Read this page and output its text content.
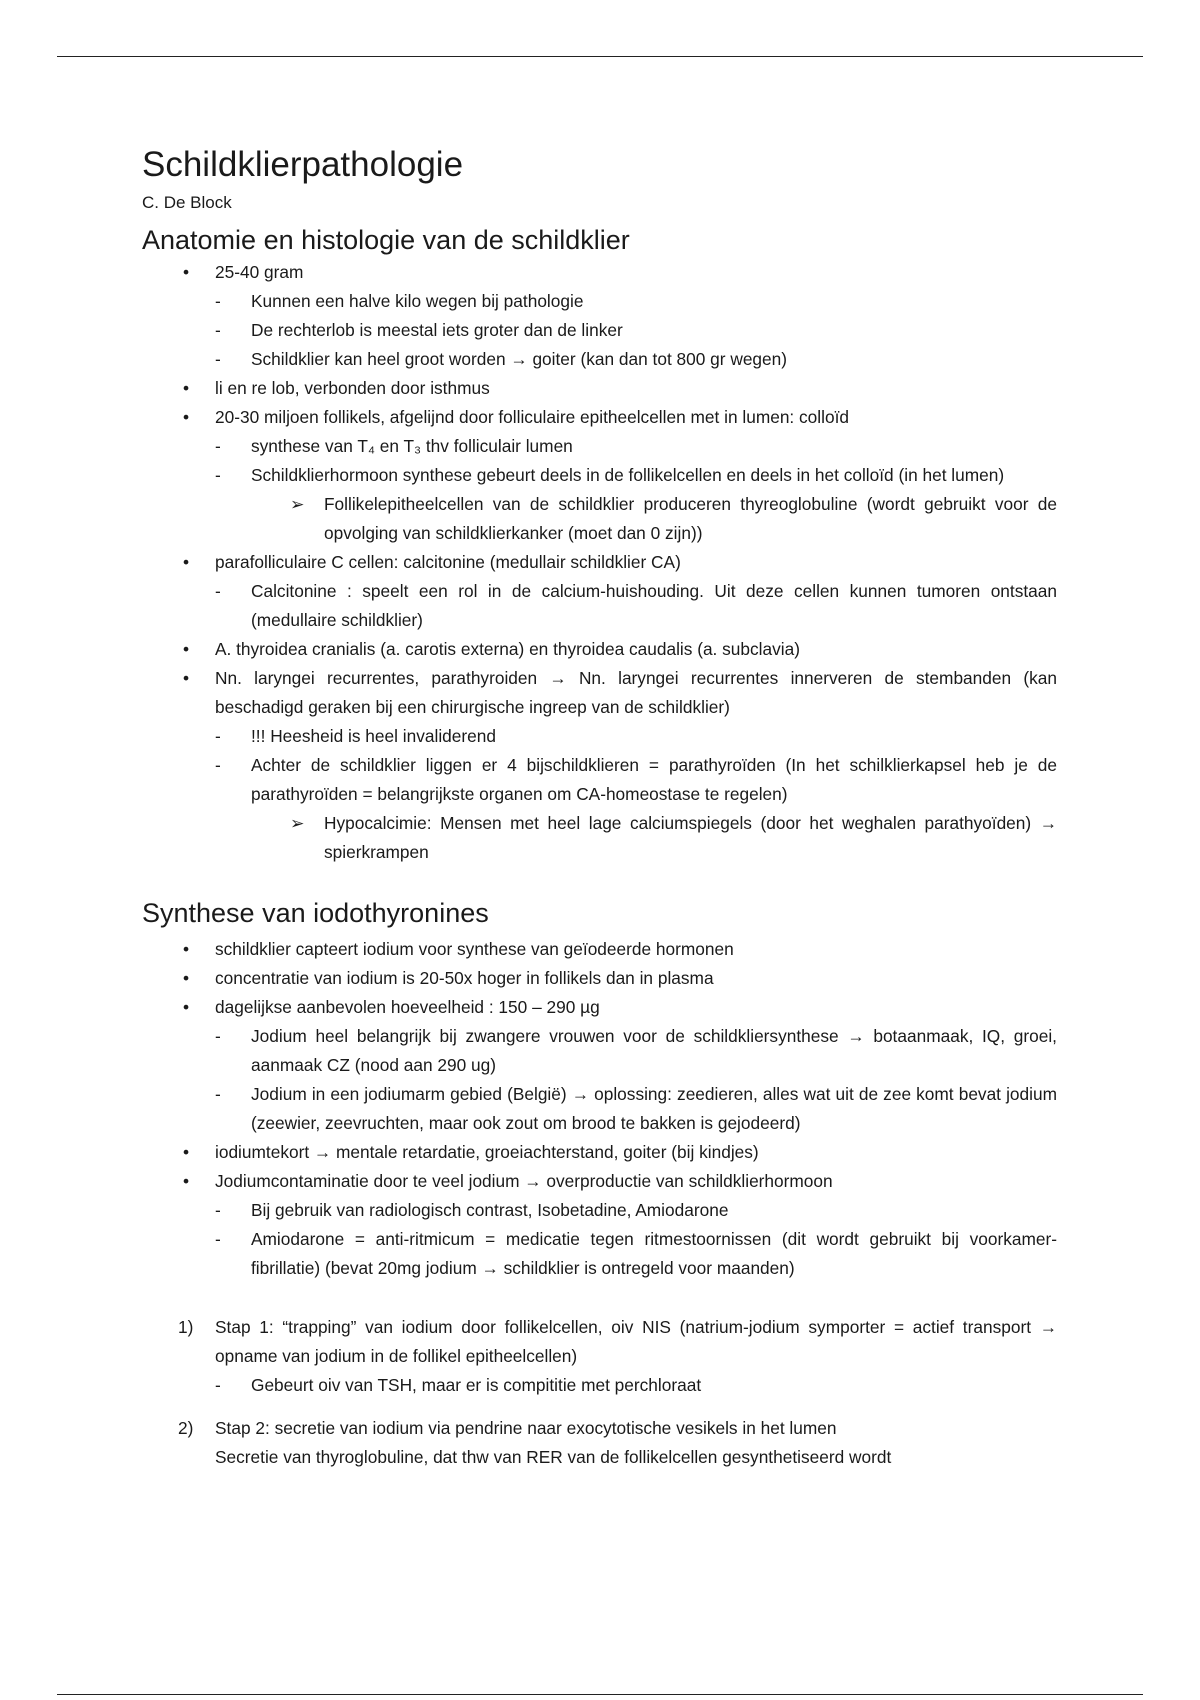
Schildklierpathologie
C. De Block
Anatomie en histologie van de schildklier
• 25-40 gram
- Kunnen een halve kilo wegen bij pathologie
- De rechterlob is meestal iets groter dan de linker
- Schildklier kan heel groot worden → goiter (kan dan tot 800 gr wegen)
• li en re lob, verbonden door isthmus
• 20-30 miljoen follikels, afgelijnd door folliculaire epitheelcellen met in lumen: colloïd
- synthese van T₄ en T₃ thv folliculair lumen
- Schildklierhormoon synthese gebeurt deels in de follikelcellen en deels in het colloïd (in het lumen)
➢ Follikelepitheelcellen van de schildklier produceren thyreoglobuline (wordt gebruikt voor de opvolging van schildklierkanker (moet dan 0 zijn))
• parafolliculaire C cellen: calcitonine (medullair schildklier CA)
- Calcitonine : speelt een rol in de calcium-huishouding. Uit deze cellen kunnen tumoren ontstaan (medullaire schildklier)
• A. thyroidea cranialis (a. carotis externa) en thyroidea caudalis (a. subclavia)
• Nn. laryngei recurrentes, parathyroiden → Nn. laryngei recurrentes innerveren de stembanden (kan beschadigd geraken bij een chirurgische ingreep van de schildklier)
- !!! Heesheid is heel invaliderend
- Achter de schildklier liggen er 4 bijschildklieren = parathyroïden (In het schilklierkapsel heb je de parathyroïden = belangrijkste organen om CA-homeostase te regelen)
➢ Hypocalcimie: Mensen met heel lage calciumspiegels (door het weghalen parathyoïden) → spierkrampen
Synthese van iodothyronines
• schildklier capteert iodium voor synthese van geïodeerde hormonen
• concentratie van iodium is 20-50x hoger in follikels dan in plasma
• dagelijkse aanbevolen hoeveelheid : 150 – 290 µg
- Jodium heel belangrijk bij zwangere vrouwen voor de schildkliersynthese → botaanmaak, IQ, groei, aanmaak CZ (nood aan 290 ug)
- Jodium in een jodiumarm gebied (België) → oplossing: zeedieren, alles wat uit de zee komt bevat jodium (zeewier, zeevruchten, maar ook zout om brood te bakken is gejodeerd)
• iodiumtekort → mentale retardatie, groeiachterstand, goiter (bij kindjes)
• Jodiumcontaminatie door te veel jodium → overproductie van schildklierhormoon
- Bij gebruik van radiologisch contrast, Isobetadine, Amiodarone
- Amiodarone = anti-ritmicum = medicatie tegen ritmestoornissen (dit wordt gebruikt bij voorkamer-fibrillatie) (bevat 20mg jodium → schildklier is ontregeld voor maanden)
1) Stap 1: “trapping” van iodium door follikelcellen, oiv NIS (natrium-jodium symporter = actief transport → opname van jodium in de follikel epitheelcellen)
- Gebeurt oiv van TSH, maar er is compititie met perchloraat
2) Stap 2: secretie van iodium via pendrine naar exocytotische vesikels in het lumen
Secretie van thyroglobuline, dat thw van RER van de follikelcellen gesynthetiseerd wordt
